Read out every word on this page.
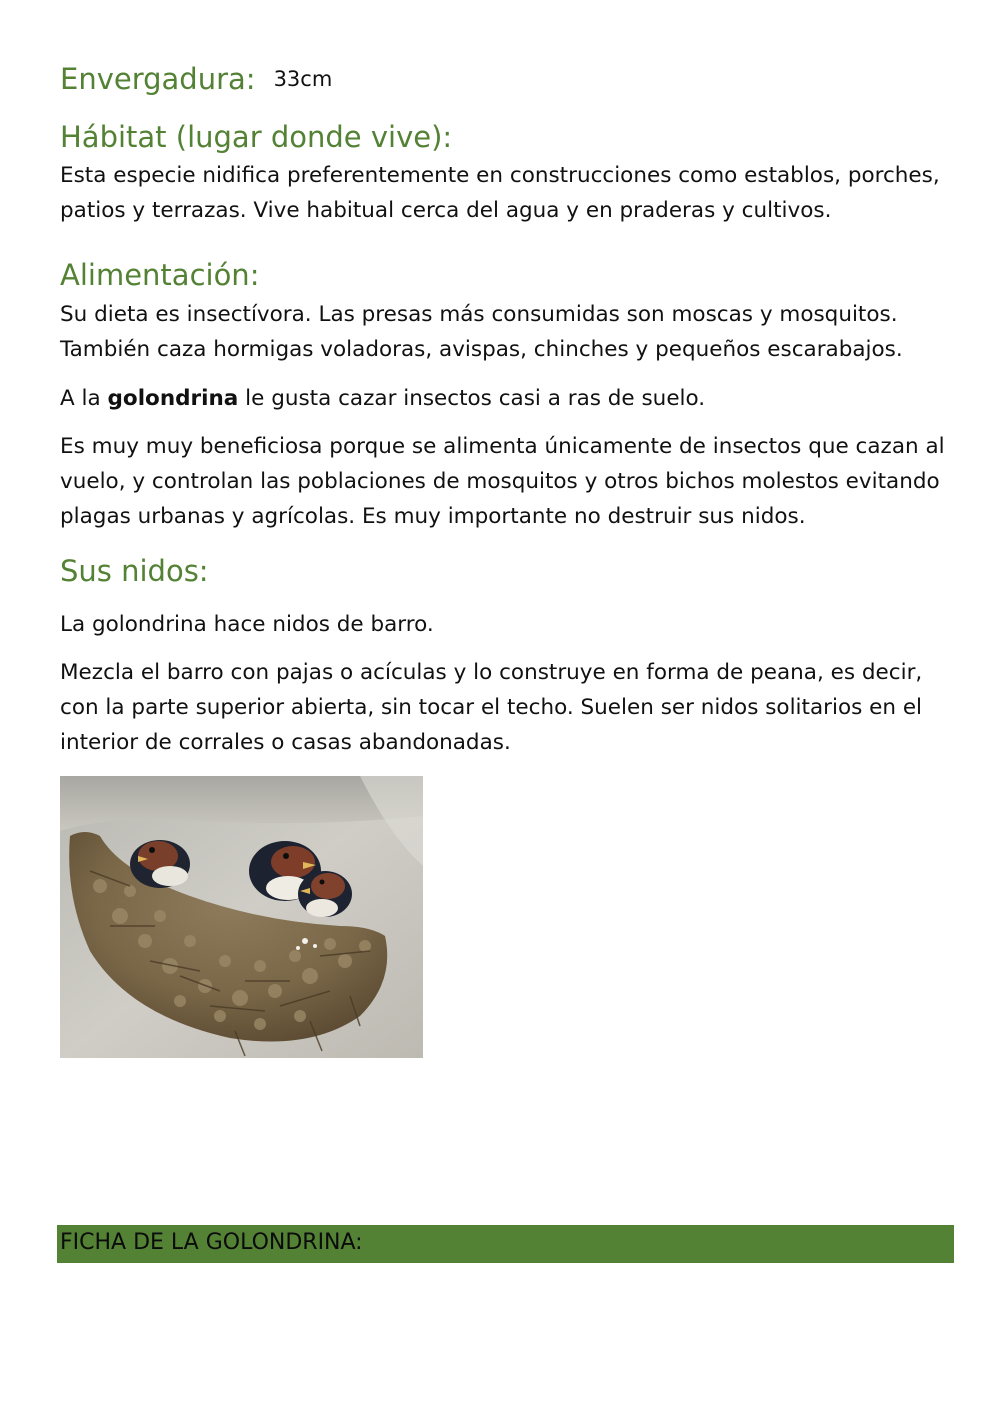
Envergadura: 33cm
Hábitat (lugar donde vive):

Esta especie nidifica preferentemente en construcciones como establos, porches, patios y terrazas. Vive habitual cerca del agua y en praderas y cultivos.

Alimentación:

Su dieta es insectívora. Las presas más consumidas son moscas y mosquitos. También caza hormigas voladoras, avispas, chinches y pequeños escarabajos.

A la golondrina le gusta cazar insectos casi a ras de suelo.

Es muy muy beneficiosa porque se alimenta únicamente de insectos que cazan al vuelo, y controlan las poblaciones de mosquitos y otros bichos molestos evitando plagas urbanas y agrícolas. Es muy importante no destruir sus nidos.

Sus nidos:

La golondrina hace nidos de barro.

Mezcla el barro con pajas o acículas y lo construye en forma de peana, es decir, con la parte superior abierta, sin tocar el techo. Suelen ser nidos solitarios en el interior de corrales o casas abandonadas.

FICHA DE LA GOLONDRINA:
